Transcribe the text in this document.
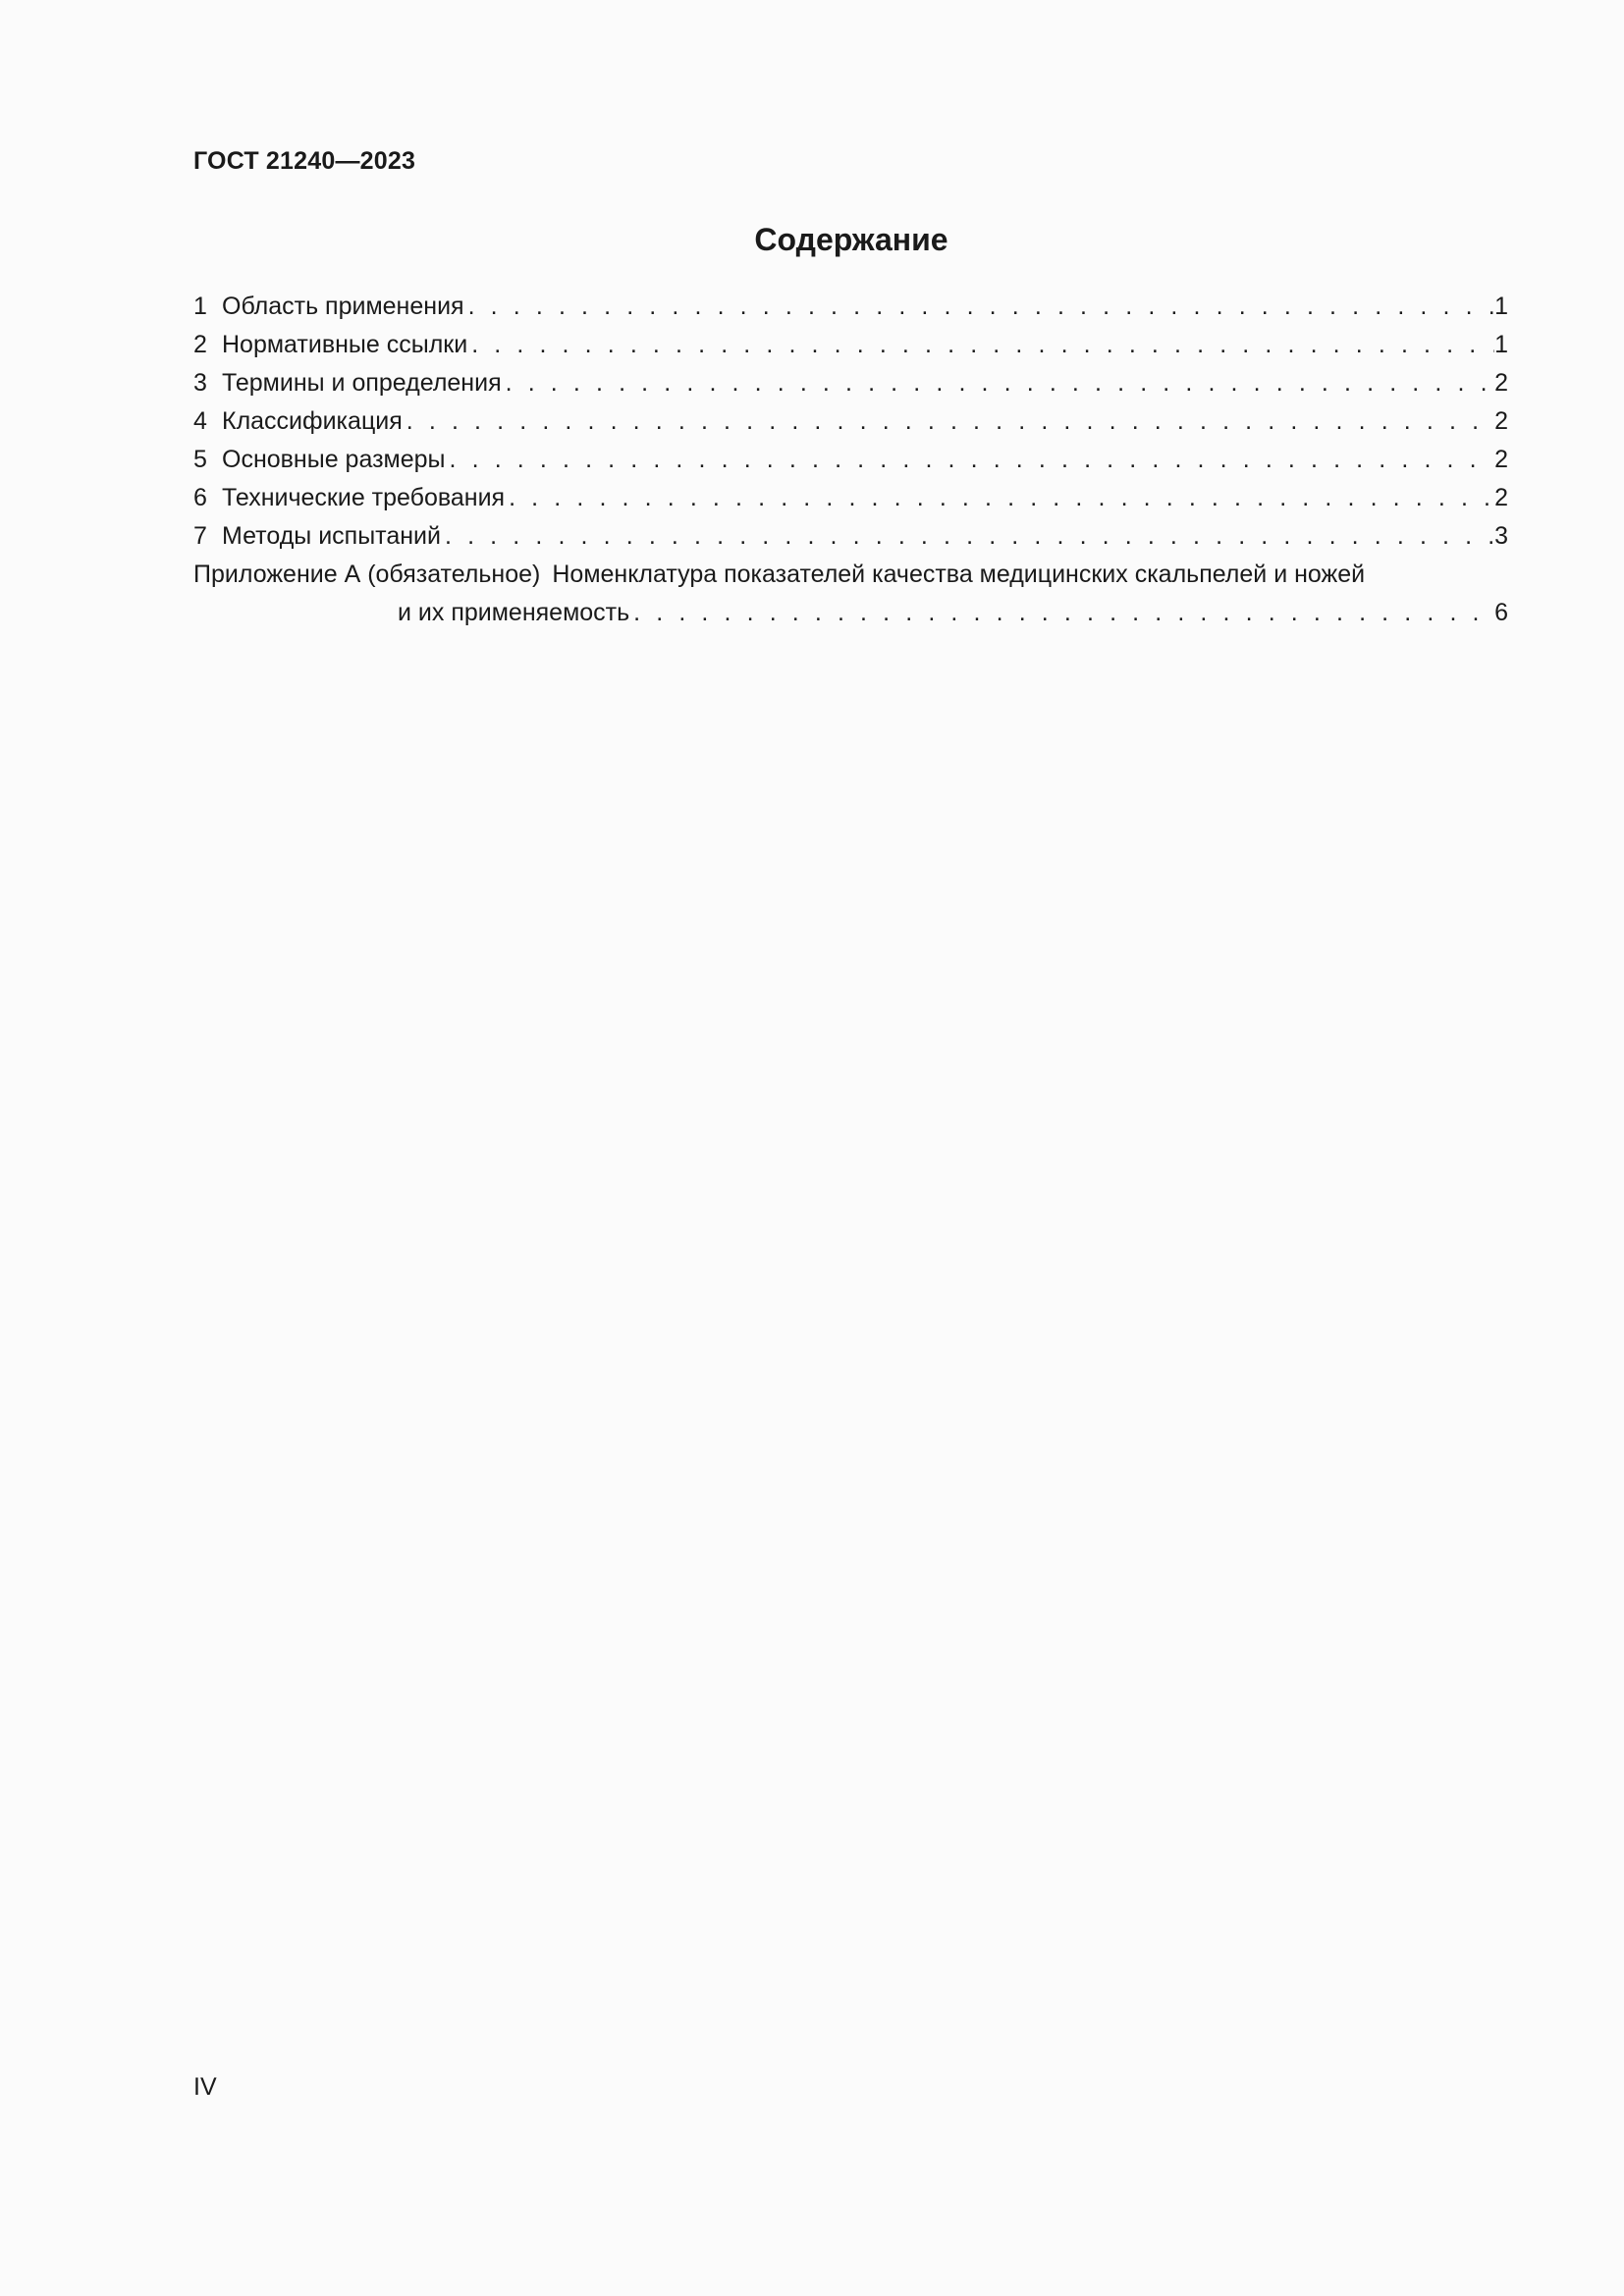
ГОСТ 21240—2023
Содержание
1 Область применения . . .	1
2 Нормативные ссылки . . .	1
3 Термины и определения . . .	2
4 Классификация . . .	2
5 Основные размеры . . .	2
6 Технические требования . . .	2
7 Методы испытаний . . .	3
Приложение А (обязательное) Номенклатура показателей качества медицинских скальпелей и ножей
и их применяемость . . .	6
IV
